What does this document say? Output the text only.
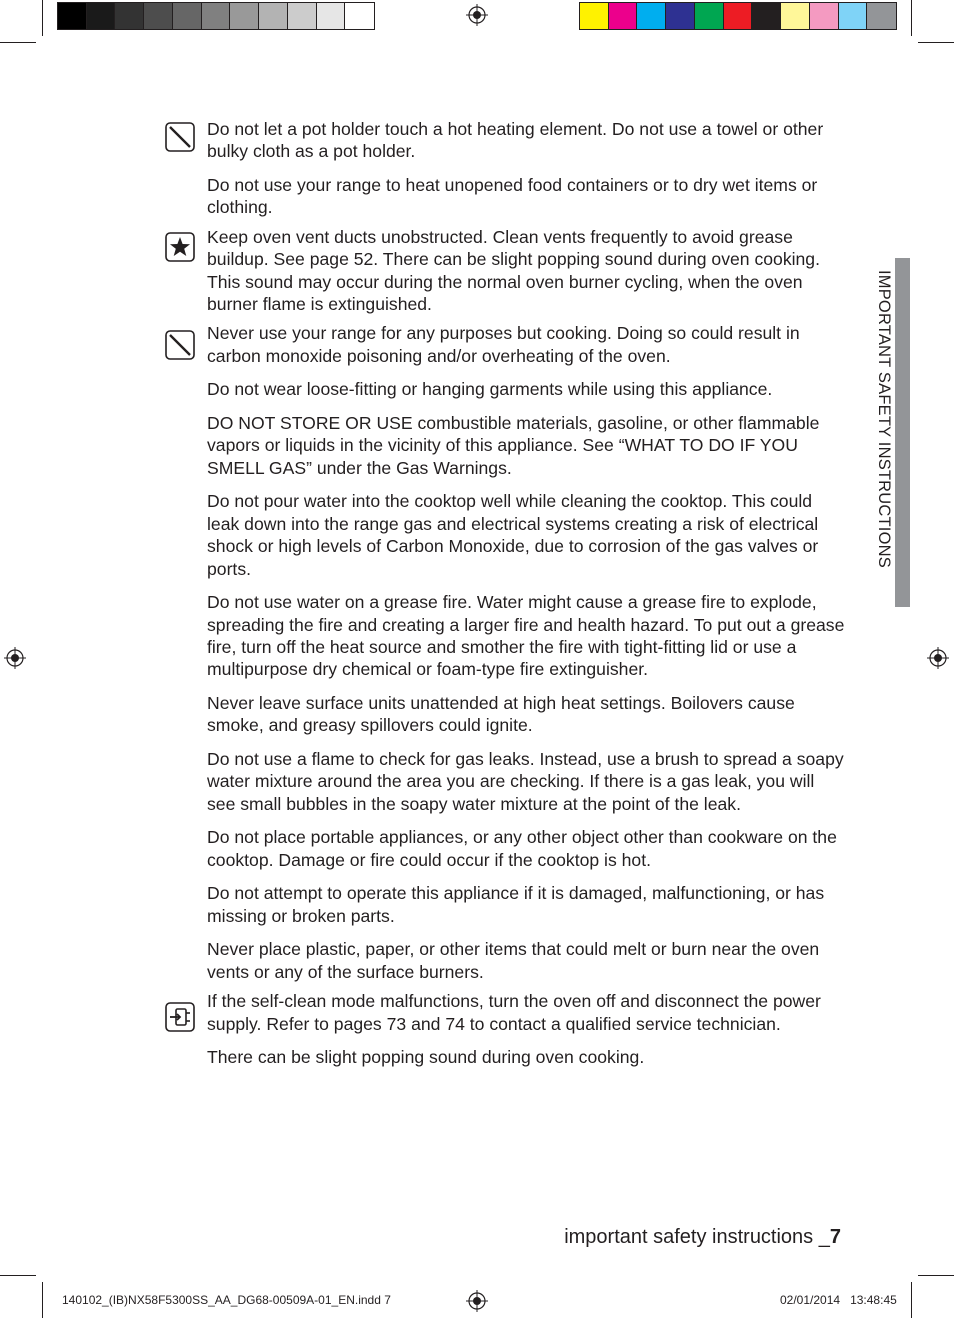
Do not let a pot holder touch a hot heating element. Do not use a towel or other bulky cloth as a pot holder.

Do not use your range to heat unopened food containers or to dry wet items or clothing.

Keep oven vent ducts unobstructed. Clean vents frequently to avoid grease buildup. See page 52. There can be slight popping sound during oven cooking. This sound may occur during the normal oven burner cycling, when the oven burner flame is extinguished.

Never use your range for any purposes but cooking. Doing so could result in carbon monoxide poisoning and/or overheating of the oven.

Do not wear loose-fitting or hanging garments while using this appliance.

DO NOT STORE OR USE combustible materials, gasoline, or other flammable vapors or liquids in the vicinity of this appliance. See “WHAT TO DO IF YOU SMELL GAS” under the Gas Warnings.

Do not pour water into the cooktop well while cleaning the cooktop. This could leak down into the range gas and electrical systems creating a risk of electrical shock or high levels of Carbon Monoxide, due to corrosion of the gas valves or ports.

Do not use water on a grease fire. Water might cause a grease fire to explode, spreading the fire and creating a larger fire and health hazard. To put out a grease fire, turn off the heat source and smother the fire with tight-fitting lid or use a multipurpose dry chemical or foam-type fire extinguisher.

Never leave surface units unattended at high heat settings. Boilovers cause smoke, and greasy spillovers could ignite.

Do not use a flame to check for gas leaks. Instead, use a brush to spread a soapy water mixture around the area you are checking. If there is a gas leak, you will see small bubbles in the soapy water mixture at the point of the leak.

Do not place portable appliances, or any other object other than cookware on the cooktop. Damage or fire could occur if the cooktop is hot.

Do not attempt to operate this appliance if it is damaged, malfunctioning, or has missing or broken parts.

Never place plastic, paper, or other items that could melt or burn near the oven vents or any of the surface burners.

If the self-clean mode malfunctions, turn the oven off and disconnect the power supply. Refer to pages 73 and 74 to contact a qualified service technician.

There can be slight popping sound during oven cooking.

IMPORTANT SAFETY INSTRUCTIONS
important safety instructions _7
140102_(IB)NX58F5300SS_AA_DG68-00509A-01_EN.indd 7	02/01/2014 13:48:45
